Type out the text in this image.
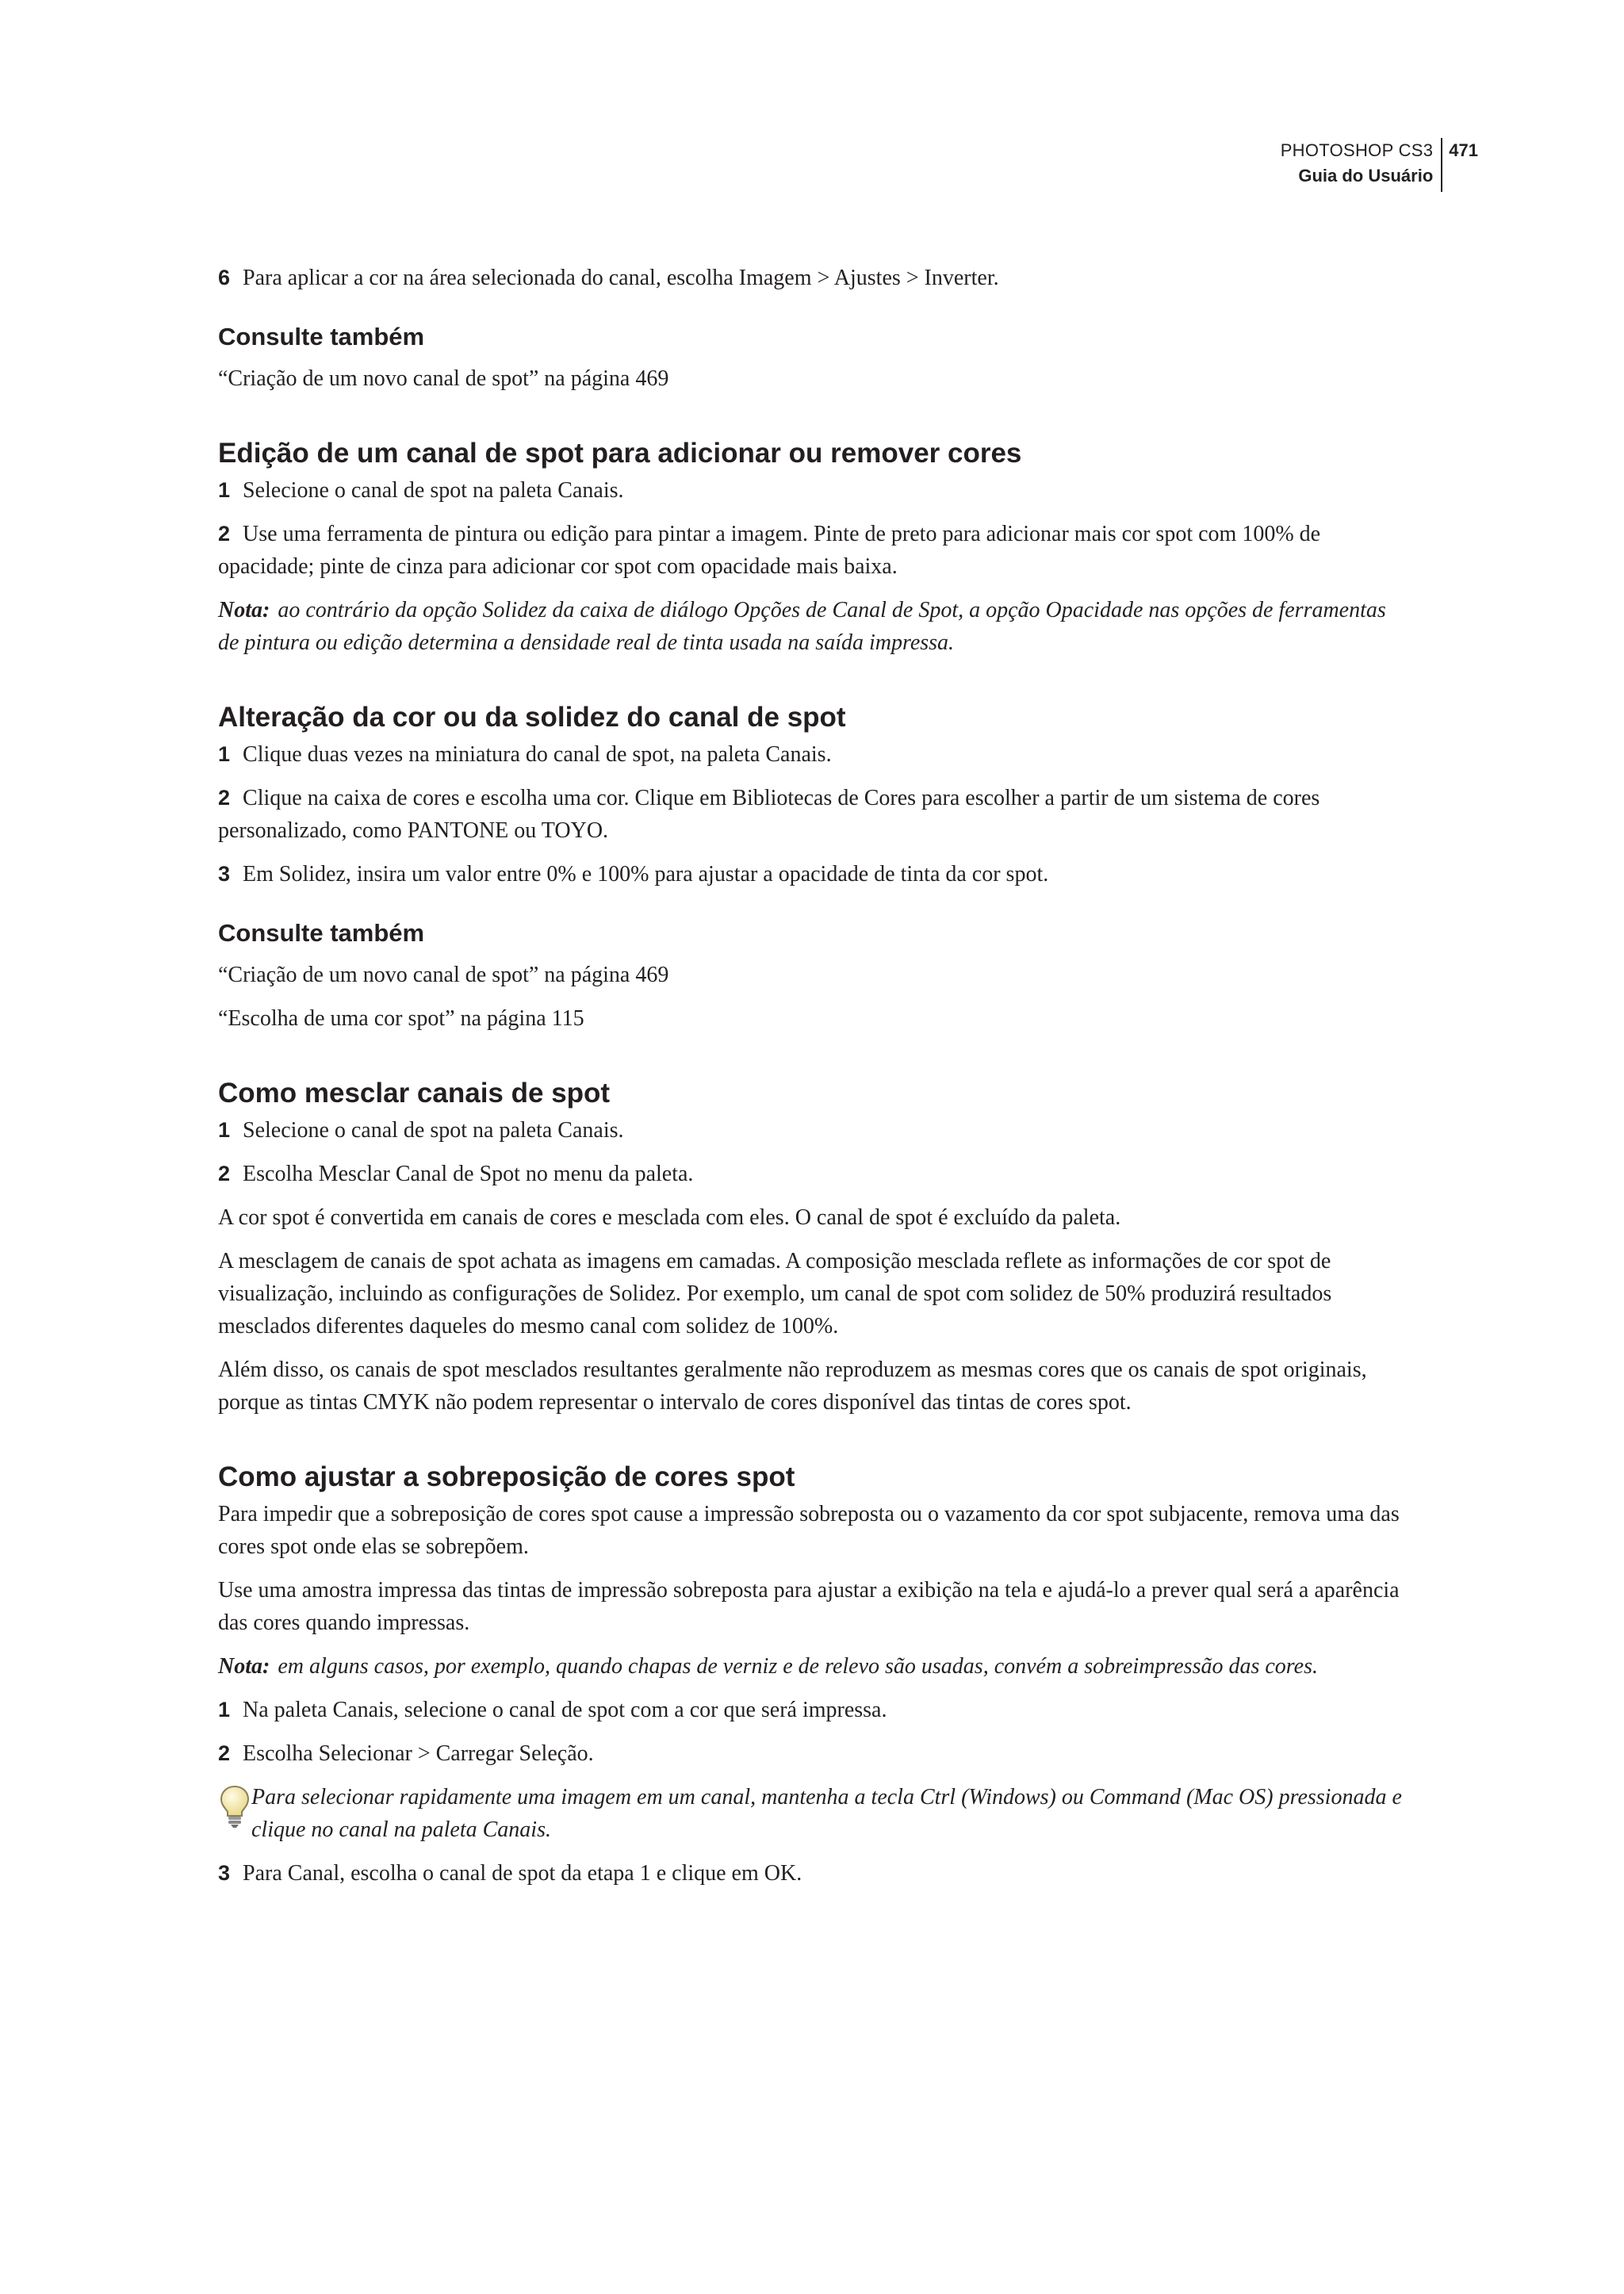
PHOTOSHOP CS3
Guia do Usuário
471

6 Para aplicar a cor na área selecionada do canal, escolha Imagem > Ajustes > Inverter.

Consulte também

“Criação de um novo canal de spot” na página 469

Edição de um canal de spot para adicionar ou remover cores

1 Selecione o canal de spot na paleta Canais.

2 Use uma ferramenta de pintura ou edição para pintar a imagem. Pinte de preto para adicionar mais cor spot com 100% de opacidade; pinte de cinza para adicionar cor spot com opacidade mais baixa.

Nota: ao contrário da opção Solidez da caixa de diálogo Opções de Canal de Spot, a opção Opacidade nas opções de ferramentas de pintura ou edição determina a densidade real de tinta usada na saída impressa.

Alteração da cor ou da solidez do canal de spot

1 Clique duas vezes na miniatura do canal de spot, na paleta Canais.

2 Clique na caixa de cores e escolha uma cor. Clique em Bibliotecas de Cores para escolher a partir de um sistema de cores personalizado, como PANTONE ou TOYO.

3 Em Solidez, insira um valor entre 0% e 100% para ajustar a opacidade de tinta da cor spot.

Consulte também

“Criação de um novo canal de spot” na página 469

“Escolha de uma cor spot” na página 115

Como mesclar canais de spot

1 Selecione o canal de spot na paleta Canais.

2 Escolha Mesclar Canal de Spot no menu da paleta.

A cor spot é convertida em canais de cores e mesclada com eles. O canal de spot é excluído da paleta.

A mesclagem de canais de spot achata as imagens em camadas. A composição mesclada reflete as informações de cor spot de visualização, incluindo as configurações de Solidez. Por exemplo, um canal de spot com solidez de 50% produzirá resultados mesclados diferentes daqueles do mesmo canal com solidez de 100%.

Além disso, os canais de spot mesclados resultantes geralmente não reproduzem as mesmas cores que os canais de spot originais, porque as tintas CMYK não podem representar o intervalo de cores disponível das tintas de cores spot.

Como ajustar a sobreposição de cores spot

Para impedir que a sobreposição de cores spot cause a impressão sobreposta ou o vazamento da cor spot subjacente, remova uma das cores spot onde elas se sobrepõem.

Use uma amostra impressa das tintas de impressão sobreposta para ajustar a exibição na tela e ajudá-lo a prever qual será a aparência das cores quando impressas.

Nota: em alguns casos, por exemplo, quando chapas de verniz e de relevo são usadas, convém a sobreimpressão das cores.

1 Na paleta Canais, selecione o canal de spot com a cor que será impressa.

2 Escolha Selecionar > Carregar Seleção.

Para selecionar rapidamente uma imagem em um canal, mantenha a tecla Ctrl (Windows) ou Command (Mac OS) pressionada e clique no canal na paleta Canais.

3 Para Canal, escolha o canal de spot da etapa 1 e clique em OK.
